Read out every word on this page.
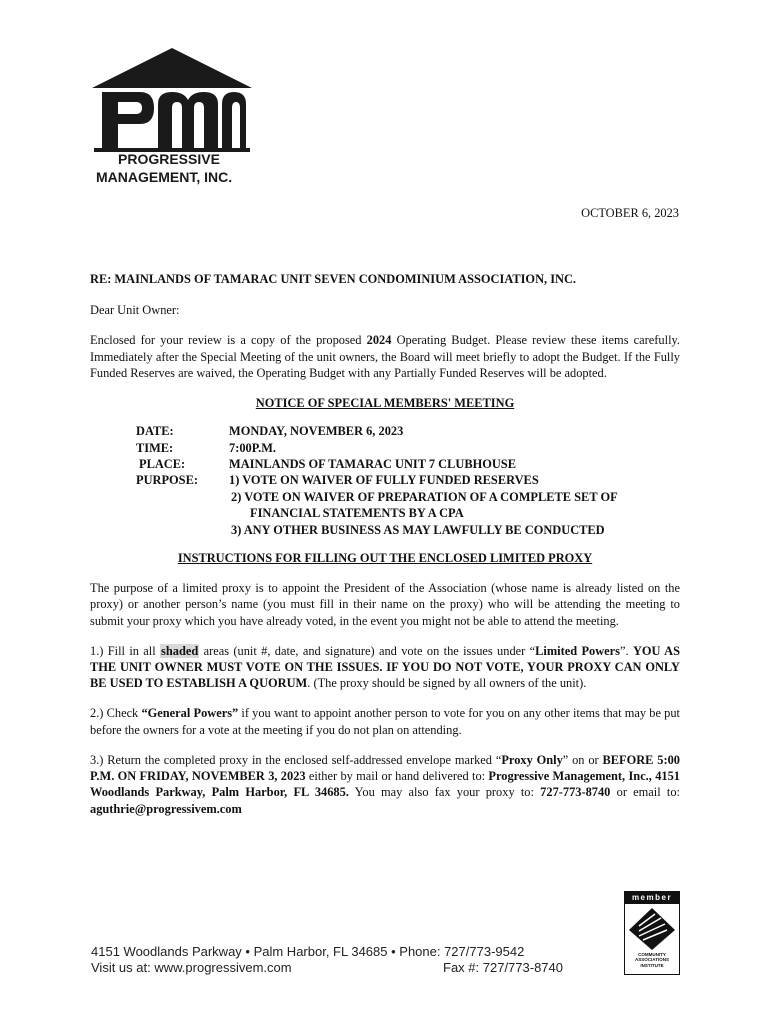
PROGRESSIVE
MANAGEMENT, INC.
OCTOBER 6, 2023

RE: MAINLANDS OF TAMARAC UNIT SEVEN CONDOMINIUM ASSOCIATION, INC.

Dear Unit Owner:

Enclosed for your review is a copy of the proposed 2024 Operating Budget. Please review these items carefully. Immediately after the Special Meeting of the unit owners, the Board will meet briefly to adopt the Budget. If the Fully Funded Reserves are waived, the Operating Budget with any Partially Funded Reserves will be adopted.

NOTICE OF SPECIAL MEMBERS' MEETING

DATE:	MONDAY, NOVEMBER 6, 2023
TIME:	7:00P.M.
PLACE:	MAINLANDS OF TAMARAC UNIT 7 CLUBHOUSE
PURPOSE:	1) VOTE ON WAIVER OF FULLY FUNDED RESERVES
2) VOTE ON WAIVER OF PREPARATION OF A COMPLETE SET OF
FINANCIAL STATEMENTS BY A CPA
3) ANY OTHER BUSINESS AS MAY LAWFULLY BE CONDUCTED

INSTRUCTIONS FOR FILLING OUT THE ENCLOSED LIMITED PROXY

The purpose of a limited proxy is to appoint the President of the Association (whose name is already listed on the proxy) or another person’s name (you must fill in their name on the proxy) who will be attending the meeting to submit your proxy which you have already voted, in the event you might not be able to attend the meeting.

1.) Fill in all shaded areas (unit #, date, and signature) and vote on the issues under “Limited Powers”. YOU AS THE UNIT OWNER MUST VOTE ON THE ISSUES. IF YOU DO NOT VOTE, YOUR PROXY CAN ONLY BE USED TO ESTABLISH A QUORUM. (The proxy should be signed by all owners of the unit).

2.) Check “General Powers” if you want to appoint another person to vote for you on any other items that may be put before the owners for a vote at the meeting if you do not plan on attending.

3.) Return the completed proxy in the enclosed self-addressed envelope marked “Proxy Only” on or BEFORE 5:00 P.M. ON FRIDAY, NOVEMBER 3, 2023 either by mail or hand delivered to: Progressive Management, Inc., 4151 Woodlands Parkway, Palm Harbor, FL 34685. You may also fax your proxy to: 727-773-8740 or email to: aguthrie@progressivem.com

4151 Woodlands Parkway • Palm Harbor, FL 34685 • Phone: 727/773-9542
Visit us at: www.progressivem.com	Fax #: 727/773-8740
member
COMMUNITY
ASSOCIATIONS
INSTITUTE
